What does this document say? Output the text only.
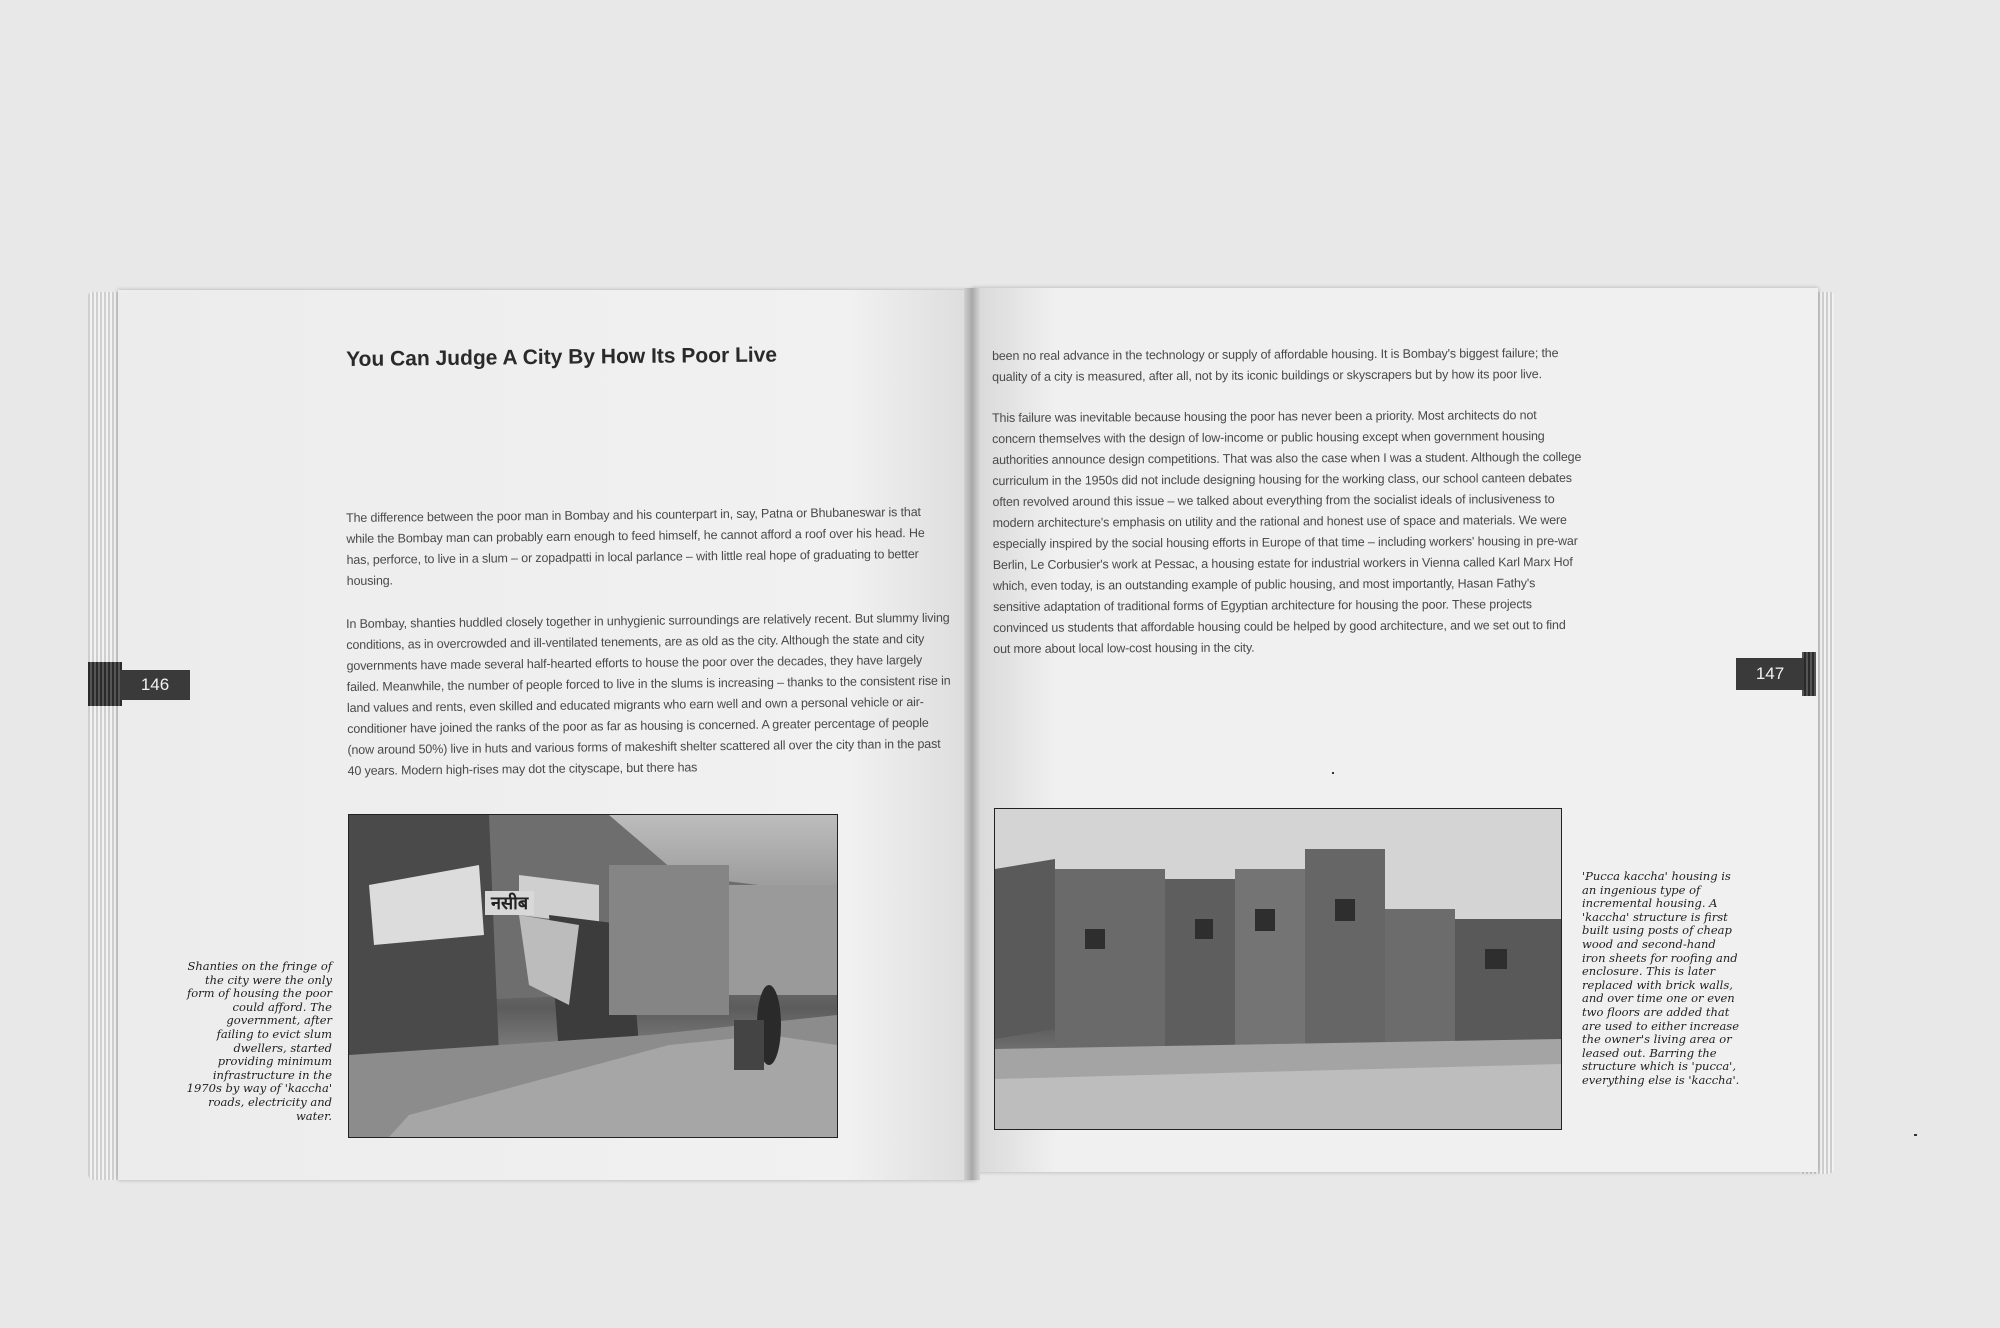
You Can Judge A City By How Its Poor Live

The difference between the poor man in Bombay and his counterpart in, say, Patna or Bhubaneswar is that while the Bombay man can probably earn enough to feed himself, he cannot afford a roof over his head. He has, perforce, to live in a slum – or zopadpatti in local parlance – with little real hope of graduating to better housing.

In Bombay, shanties huddled closely together in unhygienic surroundings are relatively recent. But slummy living conditions, as in overcrowded and ill-ventilated tenements, are as old as the city. Although the state and city governments have made several half-hearted efforts to house the poor over the decades, they have largely failed. Meanwhile, the number of people forced to live in the slums is increasing – thanks to the consistent rise in land values and rents, even skilled and educated migrants who earn well and own a personal vehicle or air-conditioner have joined the ranks of the poor as far as housing is concerned. A greater percentage of people (now around 50%) live in huts and various forms of makeshift shelter scattered all over the city than in the past 40 years. Modern high-rises may dot the cityscape, but there has

been no real advance in the technology or supply of affordable housing. It is Bombay's biggest failure; the quality of a city is measured, after all, not by its iconic buildings or skyscrapers but by how its poor live.

This failure was inevitable because housing the poor has never been a priority. Most architects do not concern themselves with the design of low-income or public housing except when government housing authorities announce design competitions. That was also the case when I was a student. Although the college curriculum in the 1950s did not include designing housing for the working class, our school canteen debates often revolved around this issue – we talked about everything from the socialist ideals of inclusiveness to modern architecture's emphasis on utility and the rational and honest use of space and materials. We were especially inspired by the social housing efforts in Europe of that time – including workers' housing in pre-war Berlin, Le Corbusier's work at Pessac, a housing estate for industrial workers in Vienna called Karl Marx Hof which, even today, is an outstanding example of public housing, and most importantly, Hasan Fathy's sensitive adaptation of traditional forms of Egyptian architecture for housing the poor. These projects convinced us students that affordable housing could be helped by good architecture, and we set out to find out more about local low-cost housing in the city.

146
147
नसीब

Shanties on the fringe of the city were the only form of housing the poor could afford. The government, after failing to evict slum dwellers, started providing minimum infrastructure in the 1970s by way of 'kaccha' roads, electricity and water.

'Pucca kaccha' housing is an ingenious type of incremental housing. A 'kaccha' structure is first built using posts of cheap wood and second-hand iron sheets for roofing and enclosure. This is later replaced with brick walls, and over time one or even two floors are added that are used to either increase the owner's living area or leased out. Barring the structure which is 'pucca', everything else is 'kaccha'.
